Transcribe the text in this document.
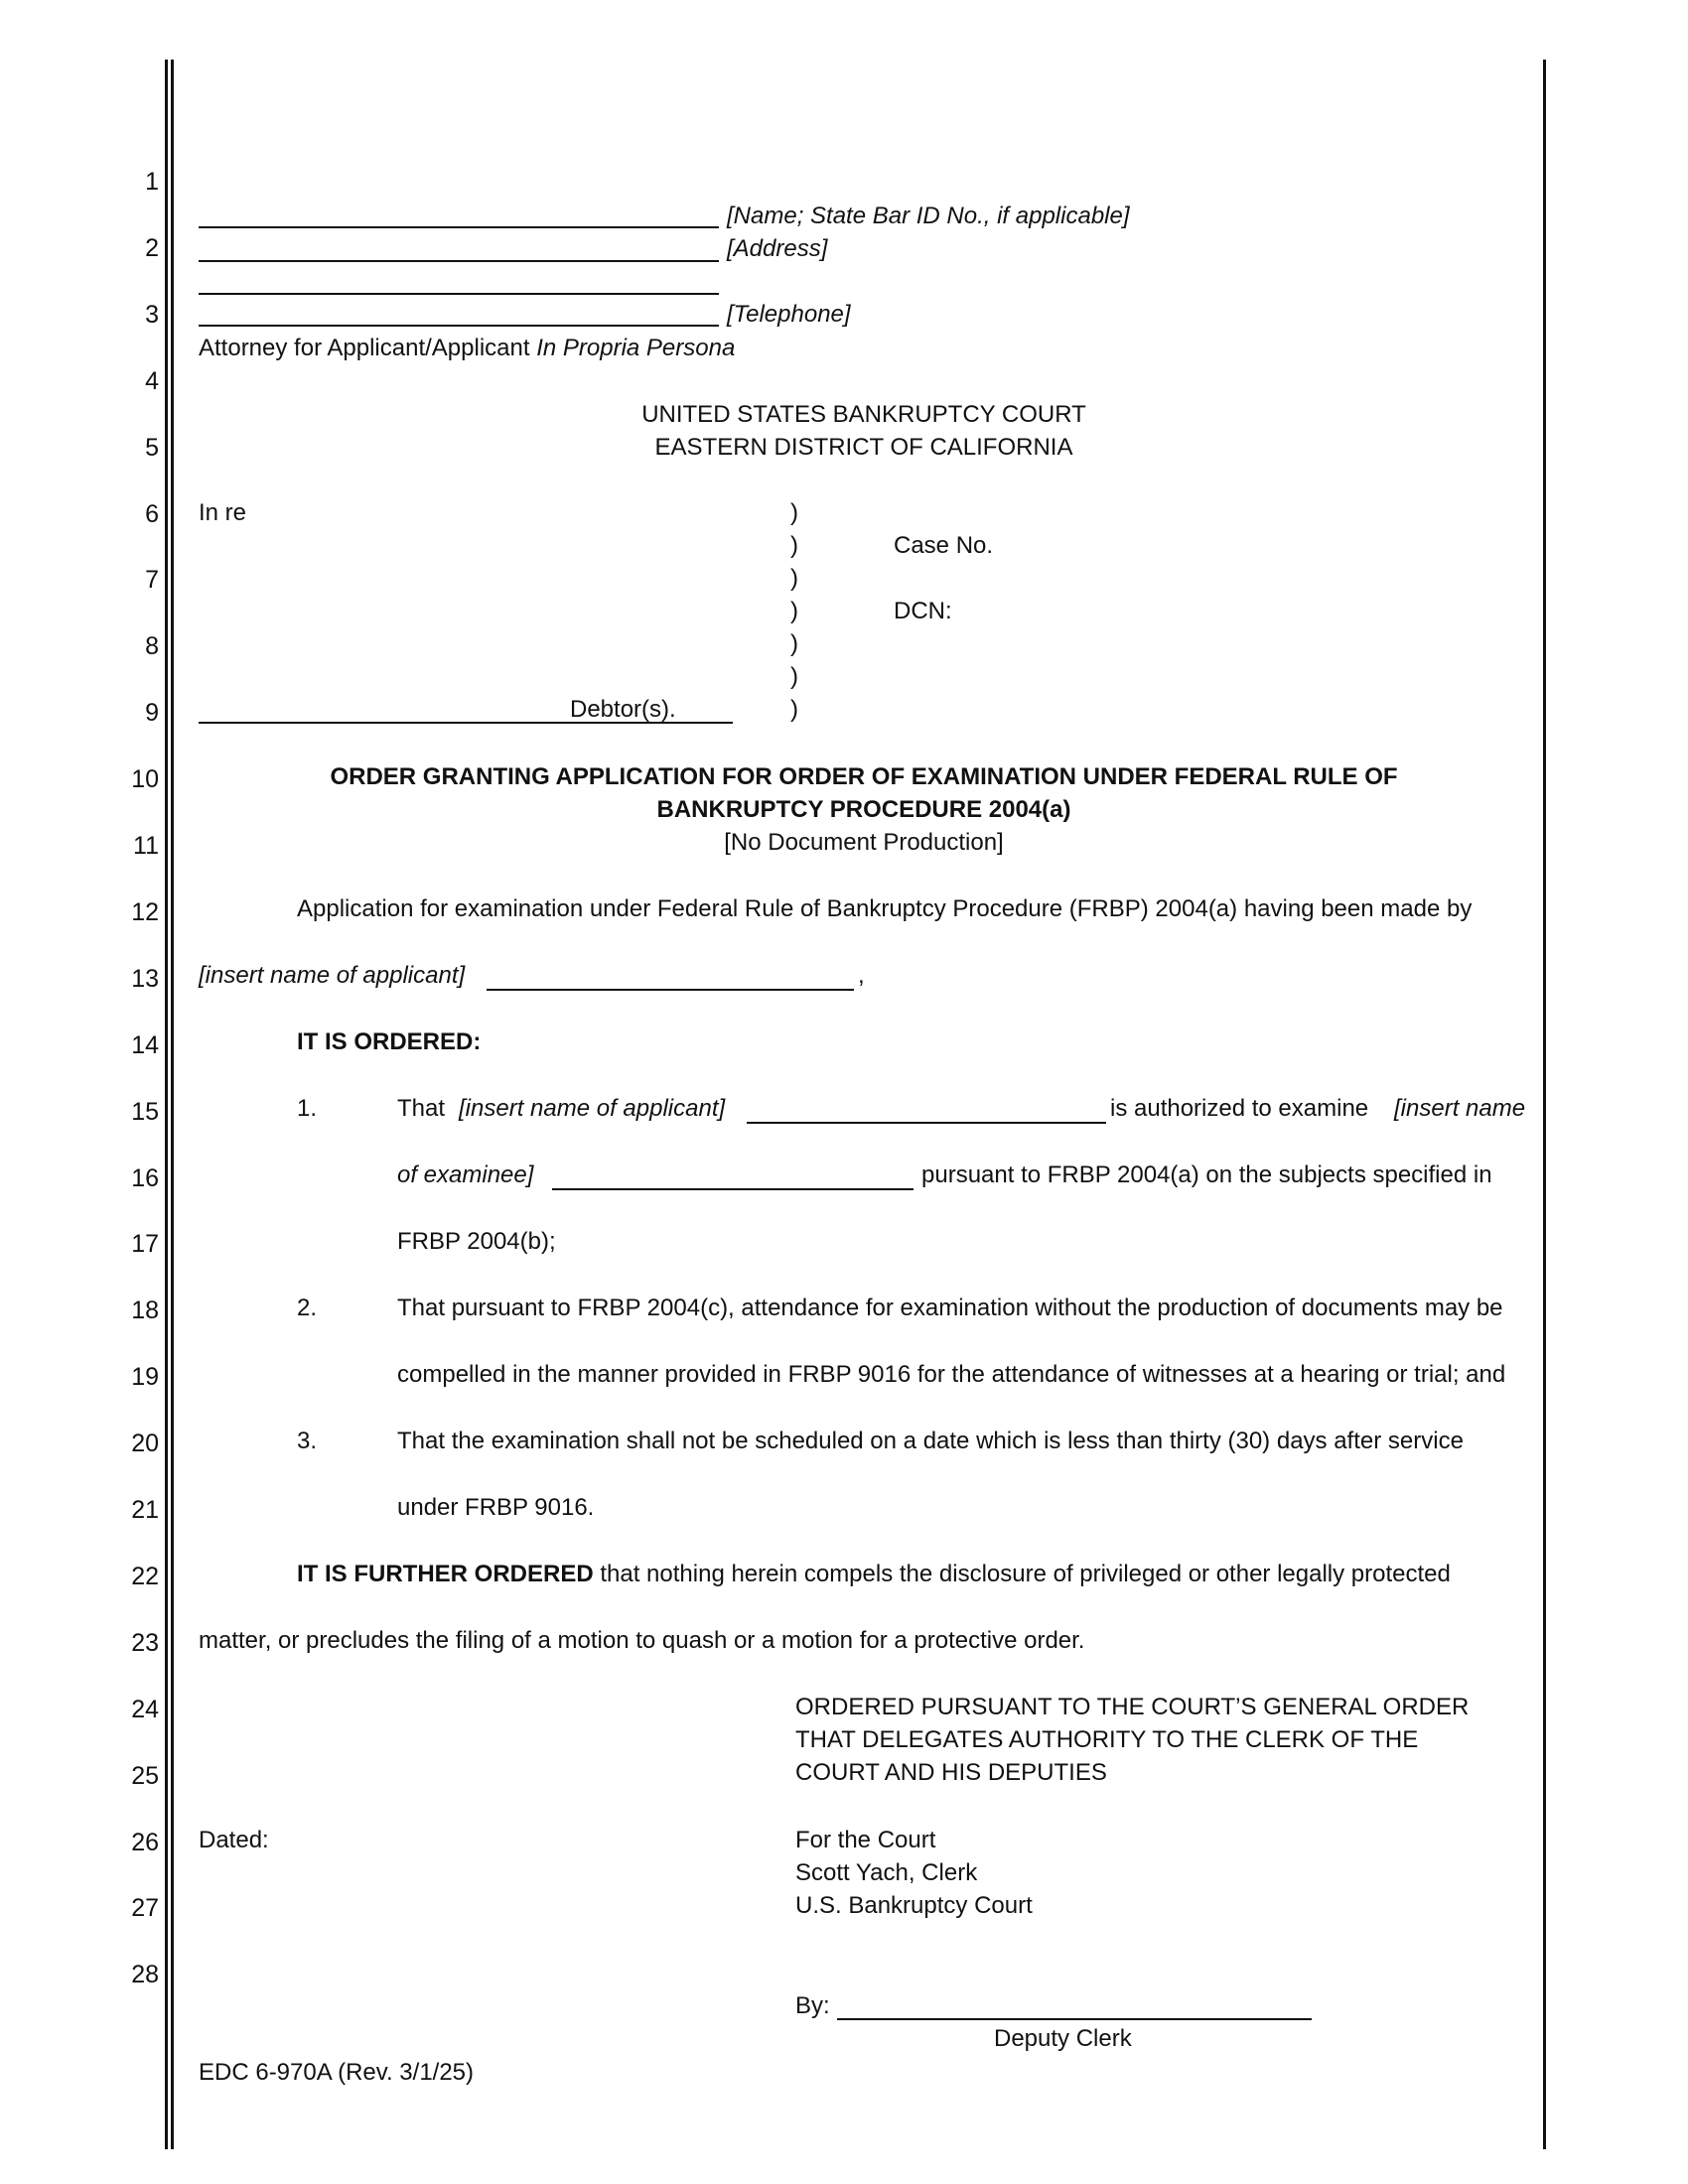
1
2
3
4
5
6
7
8
9
10
11
12
13
14
15
16
17
18
19
20
21
22
23
24
25
26
27
28
[Name; State Bar ID No., if applicable]
[Address]
[Telephone]
Attorney for Applicant/Applicant In Propria Persona
UNITED STATES BANKRUPTCY COURT
EASTERN DISTRICT OF CALIFORNIA
In re	)
)
)
)
)
)
)
Case No.
DCN:
Debtor(s).
ORDER GRANTING APPLICATION FOR ORDER OF EXAMINATION UNDER FEDERAL RULE OF
BANKRUPTCY PROCEDURE 2004(a)
[No Document Production]
Application for examination under Federal Rule of Bankruptcy Procedure (FRBP) 2004(a) having been made by
[insert name of applicant]	,
IT IS ORDERED:
1.	That [insert name of applicant]	is authorized to examine [insert name
of examinee]	pursuant to FRBP 2004(a) on the subjects specified in
FRBP 2004(b);
2.	That pursuant to FRBP 2004(c), attendance for examination without the production of documents may be
compelled in the manner provided in FRBP 9016 for the attendance of witnesses at a hearing or trial; and
3.	That the examination shall not be scheduled on a date which is less than thirty (30) days after service
under FRBP 9016.
IT IS FURTHER ORDERED that nothing herein compels the disclosure of privileged or other legally protected
matter, or precludes the filing of a motion to quash or a motion for a protective order.
ORDERED PURSUANT TO THE COURT’S GENERAL ORDER
THAT DELEGATES AUTHORITY TO THE CLERK OF THE
COURT AND HIS DEPUTIES
Dated:	For the Court
Scott Yach, Clerk
U.S. Bankruptcy Court
By:
Deputy Clerk
EDC 6-970A (Rev. 3/1/25)
